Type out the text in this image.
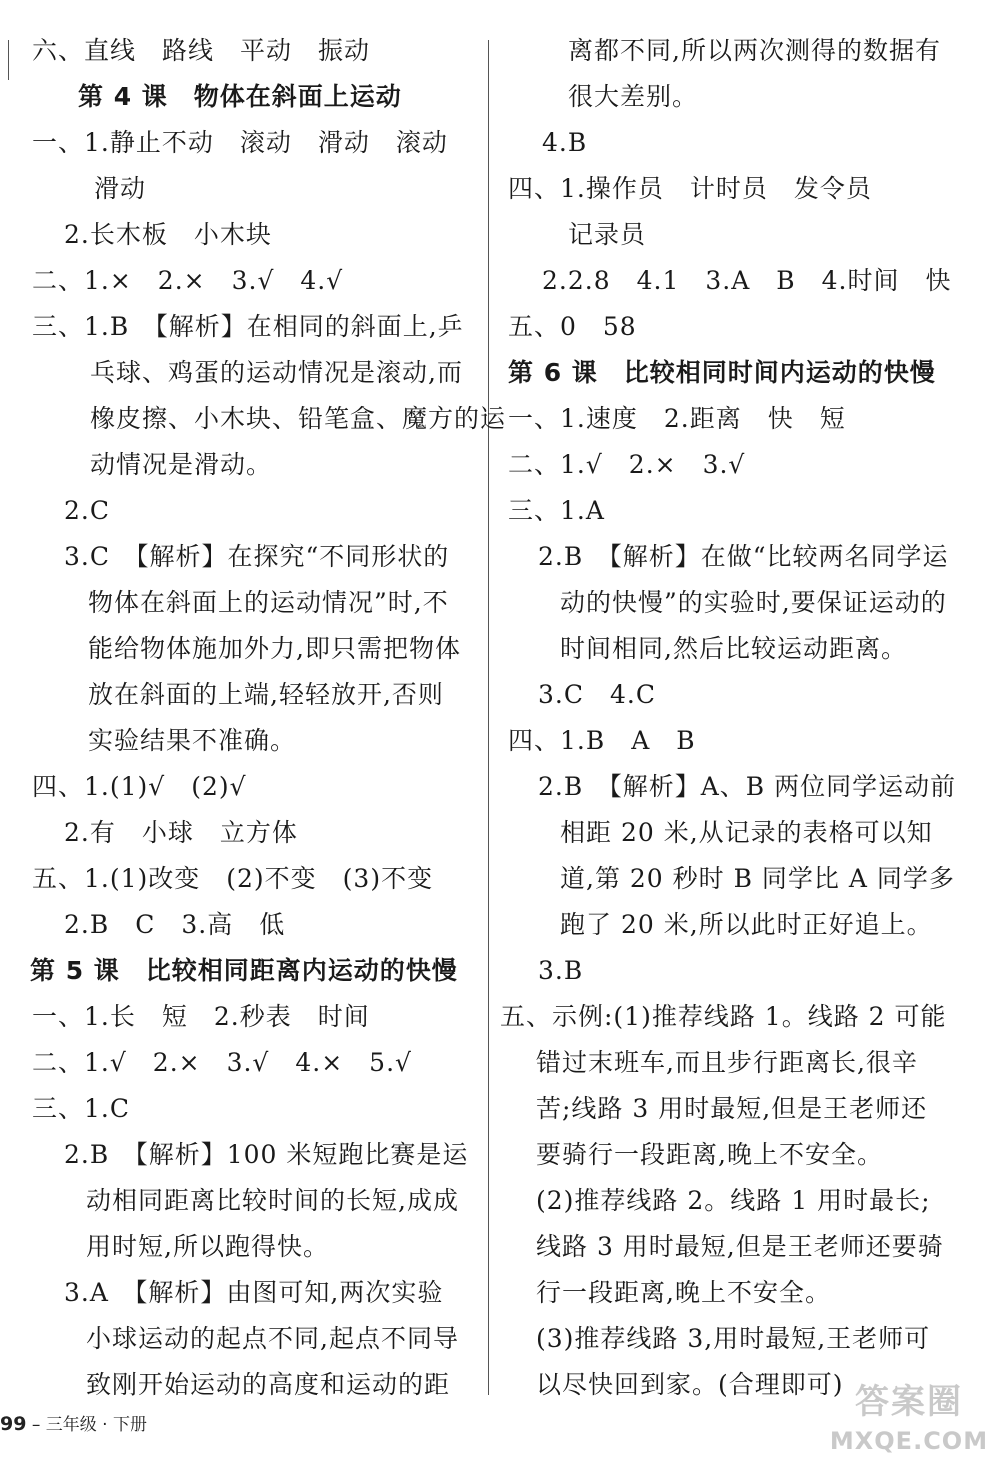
六、直线　路线　平动　振动
第 4 课　物体在斜面上运动
一、1.静止不动　滚动　滑动　滚动
滑动
2.长木板　小木块
二、1.×　2.×　3.√　4.√
三、1.B　【解析】在相同的斜面上,乒
乓球、鸡蛋的运动情况是滚动,而
橡皮擦、小木块、铅笔盒、魔方的运
动情况是滑动。
2.C
3.C　【解析】在探究“不同形状的
物体在斜面上的运动情况”时,不
能给物体施加外力,即只需把物体
放在斜面的上端,轻轻放开,否则
实验结果不准确。
四、1.(1)√　(2)√
2.有　小球　立方体
五、1.(1)改变　(2)不变　(3)不变
2.B　C　3.高　低
第 5 课　比较相同距离内运动的快慢
一、1.长　短　2.秒表　时间
二、1.√　2.×　3.√　4.×　5.√
三、1.C
2.B　【解析】100 米短跑比赛是运
动相同距离比较时间的长短,成成
用时短,所以跑得快。
3.A　【解析】由图可知,两次实验
小球运动的起点不同,起点不同导
致刚开始运动的高度和运动的距
离都不同,所以两次测得的数据有
很大差别。
4.B
四、1.操作员　计时员　发令员
记录员
2.2.8　4.1　3.A　B　4.时间　快
五、0　58
第 6 课　比较相同时间内运动的快慢
一、1.速度　2.距离　快　短
二、1.√　2.×　3.√
三、1.A
2.B　【解析】在做“比较两名同学运
动的快慢”的实验时,要保证运动的
时间相同,然后比较运动距离。
3.C　4.C
四、1.B　A　B
2.B　【解析】A、B 两位同学运动前
相距 20 米,从记录的表格可以知
道,第 20 秒时 B 同学比 A 同学多
跑了 20 米,所以此时正好追上。
3.B
五、示例:(1)推荐线路 1。线路 2 可能
错过末班车,而且步行距离长,很辛
苦;线路 3 用时最短,但是王老师还
要骑行一段距离,晚上不安全。
(2)推荐线路 2。线路 1 用时最长;
线路 3 用时最短,但是王老师还要骑
行一段距离,晚上不安全。
(3)推荐线路 3,用时最短,王老师可
以尽快回到家。(合理即可)
99 – 三年级 · 下册
答案圈
MXQE.COM
